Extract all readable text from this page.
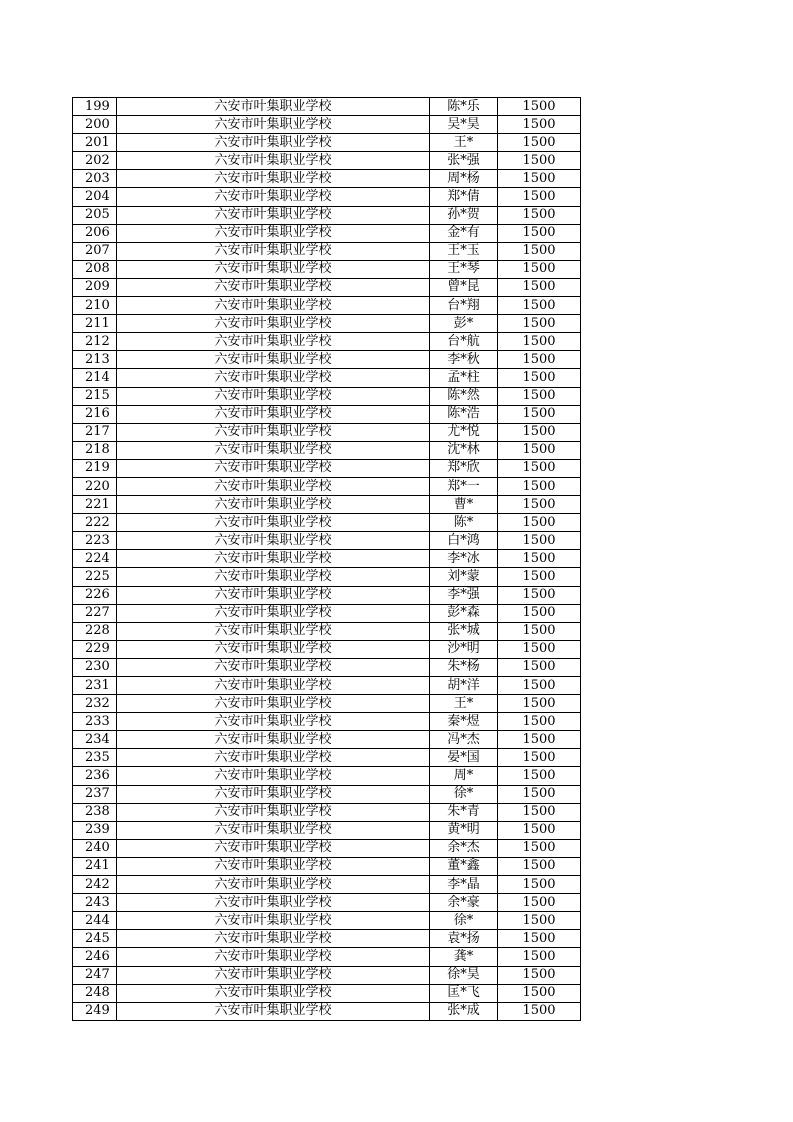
199	六安市叶集职业学校	陈*乐	1500
200	六安市叶集职业学校	吴*昊	1500
201	六安市叶集职业学校	王*	1500
202	六安市叶集职业学校	张*强	1500
203	六安市叶集职业学校	周*杨	1500
204	六安市叶集职业学校	郑*倩	1500
205	六安市叶集职业学校	孙*贺	1500
206	六安市叶集职业学校	金*有	1500
207	六安市叶集职业学校	王*玉	1500
208	六安市叶集职业学校	王*琴	1500
209	六安市叶集职业学校	曾*昆	1500
210	六安市叶集职业学校	台*翔	1500
211	六安市叶集职业学校	彭*	1500
212	六安市叶集职业学校	台*航	1500
213	六安市叶集职业学校	李*秋	1500
214	六安市叶集职业学校	孟*柱	1500
215	六安市叶集职业学校	陈*然	1500
216	六安市叶集职业学校	陈*浩	1500
217	六安市叶集职业学校	尤*悦	1500
218	六安市叶集职业学校	沈*林	1500
219	六安市叶集职业学校	郑*欣	1500
220	六安市叶集职业学校	郑*一	1500
221	六安市叶集职业学校	曹*	1500
222	六安市叶集职业学校	陈*	1500
223	六安市叶集职业学校	白*鸿	1500
224	六安市叶集职业学校	李*冰	1500
225	六安市叶集职业学校	刘*蒙	1500
226	六安市叶集职业学校	李*强	1500
227	六安市叶集职业学校	彭*森	1500
228	六安市叶集职业学校	张*城	1500
229	六安市叶集职业学校	沙*明	1500
230	六安市叶集职业学校	朱*杨	1500
231	六安市叶集职业学校	胡*洋	1500
232	六安市叶集职业学校	王*	1500
233	六安市叶集职业学校	秦*煜	1500
234	六安市叶集职业学校	冯*杰	1500
235	六安市叶集职业学校	晏*国	1500
236	六安市叶集职业学校	周*	1500
237	六安市叶集职业学校	徐*	1500
238	六安市叶集职业学校	朱*青	1500
239	六安市叶集职业学校	黄*明	1500
240	六安市叶集职业学校	余*杰	1500
241	六安市叶集职业学校	董*鑫	1500
242	六安市叶集职业学校	李*晶	1500
243	六安市叶集职业学校	余*豪	1500
244	六安市叶集职业学校	徐*	1500
245	六安市叶集职业学校	袁*扬	1500
246	六安市叶集职业学校	龚*	1500
247	六安市叶集职业学校	徐*昊	1500
248	六安市叶集职业学校	匡*飞	1500
249	六安市叶集职业学校	张*成	1500
